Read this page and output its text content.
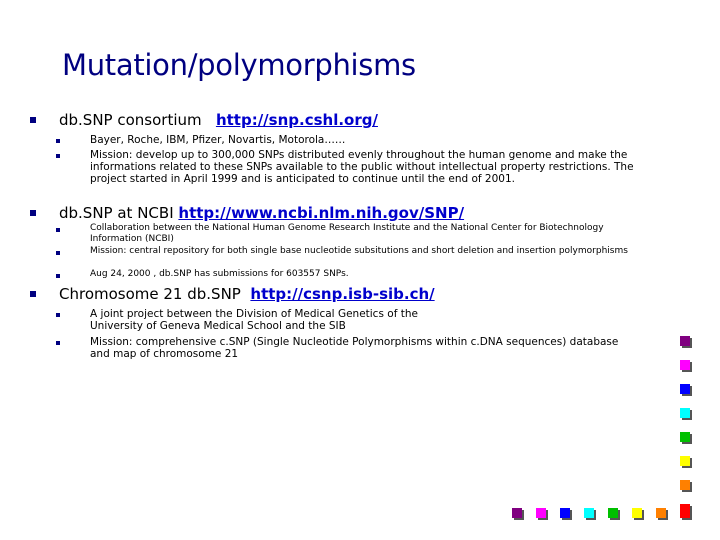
Mutation/polymorphisms
db.SNP consortium http://snp.cshl.org/
Bayer, Roche, IBM, Pfizer, Novartis, Motorola……
Mission: develop up to 300,000 SNPs distributed evenly throughout the human genome and make the informations related to these SNPs available to the public without intellectual property restrictions. The project started in April 1999 and is anticipated to continue until the end of 2001.
db.SNP at NCBI http://www.ncbi.nlm.nih.gov/SNP/
Collaboration between the National Human Genome Research Institute and the National Center for Biotechnology Information (NCBI)
Mission: central repository for both single base nucleotide subsitutions and short deletion and insertion polymorphisms
Aug 24, 2000 , db.SNP has submissions for 603557 SNPs.
Chromosome 21 db.SNP http://csnp.isb-sib.ch/
A joint project between the Division of Medical Genetics of the University of Geneva Medical School and the SIB
Mission: comprehensive c.SNP (Single Nucleotide Polymorphisms within c.DNA sequences) database and map of chromosome 21
